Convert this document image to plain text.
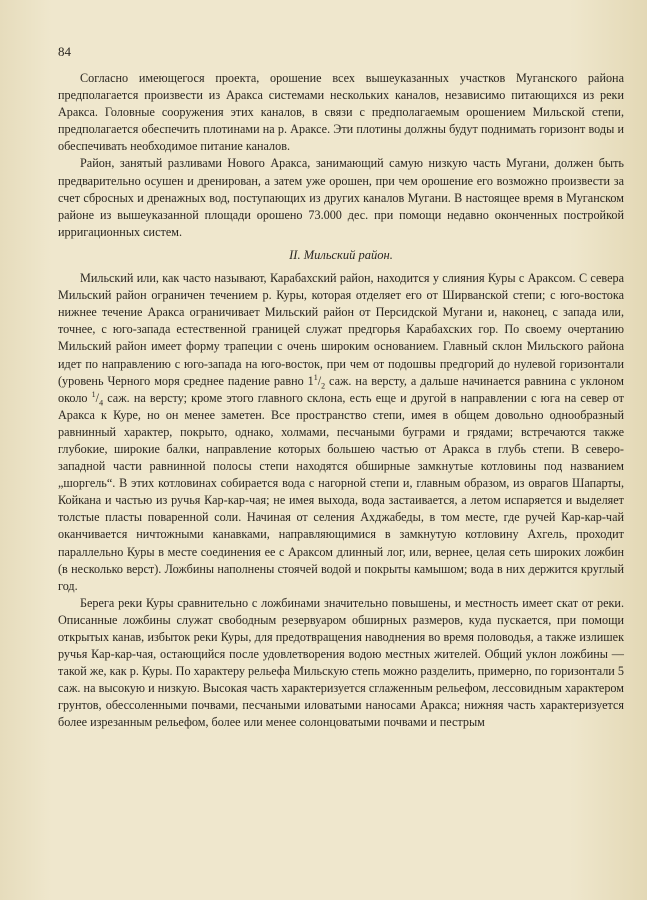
84

Согласно имеющегося проекта, орошение всех вышеуказанных участков Муганского района предполагается произвести из Аракса системами нескольких каналов, независимо питающихся из реки Аракса. Головные сооружения этих каналов, в связи с предполагаемым орошением Мильской степи, предполагается обеспечить плотинами на р. Араксе. Эти плотины должны будут поднимать горизонт воды и обеспечивать необходимое питание каналов.

Район, занятый разливами Нового Аракса, занимающий самую низкую часть Мугани, должен быть предварительно осушен и дренирован, а затем уже орошен, при чем орошение его возможно произвести за счет сбросных и дренажных вод, поступающих из других каналов Мугани. В настоящее время в Муганском районе из вышеуказанной площади орошено 73.000 дес. при помощи недавно оконченных постройкой ирригационных систем.

II. Мильский район.

Мильский или, как часто называют, Карабахский район, находится у слияния Куры с Араксом. С севера Мильский район ограничен течением р. Куры, которая отделяет его от Ширванской степи; с юго-востока нижнее течение Аракса ограничивает Мильский район от Персидской Мугани и, наконец, с запада или, точнее, с юго-запада естественной границей служат предгорья Карабахских гор. По своему очертанию Мильский район имеет форму трапеции с очень широким основанием. Главный склон Мильского района идет по направлению с юго-запада на юго-восток, при чем от подошвы предгорий до нулевой горизонтали (уровень Черного моря среднее падение равно $1^1/_2$ саж. на версту, а дальше начинается равнина с уклоном около $^1/_4$ саж. на версту; кроме этого главного склона, есть еще и другой в направлении с юга на север от Аракса к Куре, но он менее заметен. Все пространство степи, имея в общем довольно однообразный равнинный характер, покрыто, однако, холмами, песчаными буграми и грядами; встречаются также глубокие, широкие балки, направление которых большею частью от Аракса в глубь степи. В северо-западной части равнинной полосы степи находятся обширные замкнутые котловины под названием „шоргель“. В этих котловинах собирается вода с нагорной степи и, главным образом, из оврагов Шапарты, Койкана и частью из ручья Кар-кар-чая; не имея выхода, вода застаивается, а летом испаряется и выделяет толстые пласты поваренной соли. Начиная от селения Ахджабеды, в том месте, где ручей Кар-кар-чай оканчивается ничтожными канавками, направляющимися в замкнутую котловину Ахгель, проходит параллельно Куры в месте соединения ее с Араксом длинный лог, или, вернее, целая сеть широких ложбин (в несколько верст). Ложбины наполнены стоячей водой и покрыты камышом; вода в них держится круглый год.

Берега реки Куры сравнительно с ложбинами значительно повышены, и местность имеет скат от реки. Описанные ложбины служат свободным резервуаром обширных размеров, куда пускается, при помощи открытых канав, избыток реки Куры, для предотвращения наводнения во время половодья, а также излишек ручья Кар-кар-чая, остающийся после удовлетворения водою местных жителей. Общий уклон ложбины — такой же, как р. Куры. По характеру рельефа Мильскую степь можно разделить, примерно, по горизонтали 5 саж. на высокую и низкую. Высокая часть характеризуется сглаженным рельефом, лессовидным характером грунтов, обессоленными почвами, песчаными иловатыми наносами Аракса; нижняя часть характеризуется более изрезанным рельефом, более или менее солонцоватыми почвами и пестрым
